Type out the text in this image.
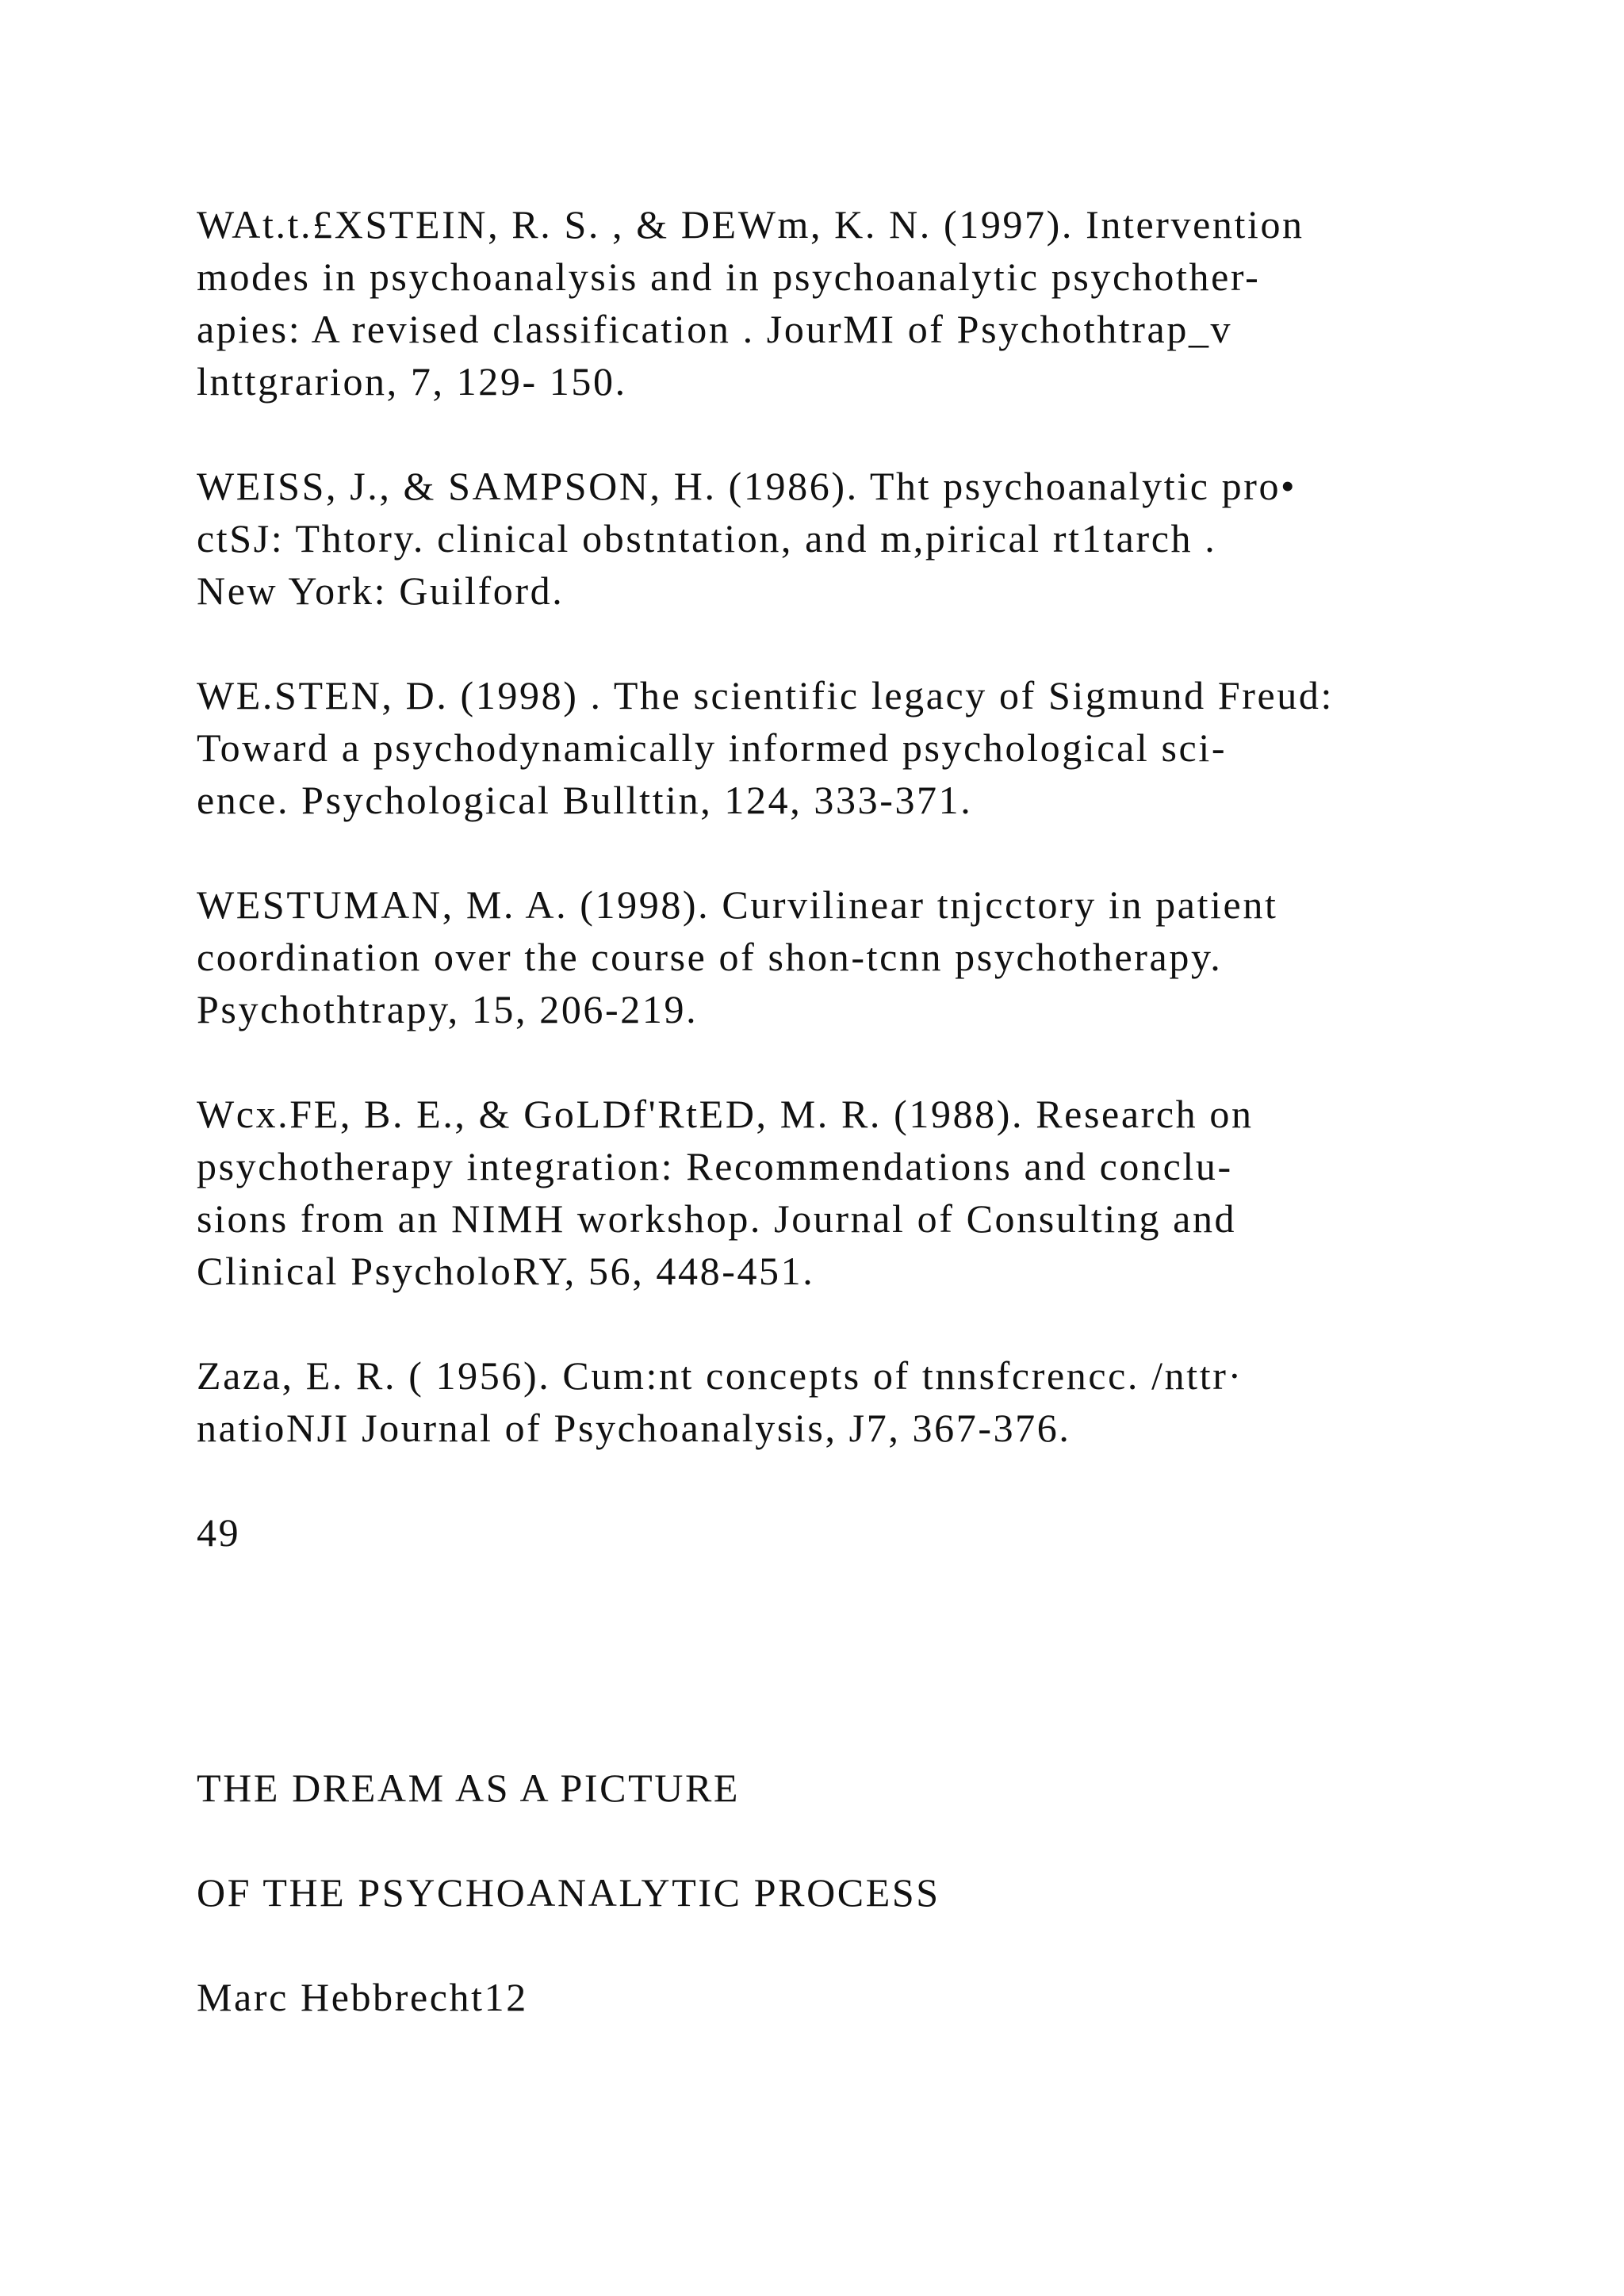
WAt.t.£XSTEIN, R. S. , & DEWm, K. N. (1997). Intervention

modes in psychoanalysis and in psychoanalytic psychother-

apies: A revised classification . JourMI of Psychothtrap_v

lnttgrarion, 7, 129- 150.

WEISS, J., & SAMPSON, H. (1986). Tht psychoanalytic pro•

ctSJ: Thtory. clinical obstntation, and m,pirical rt1tarch .

New York: Guilford.

WE.STEN, D. (1998) . The scientific legacy of Sigmund Freud:

Toward a psychodynamically informed psychological sci-

ence. Psychological Bullttin, 124, 333-371.

WESTUMAN, M. A. (1998). Curvilinear tnjcctory in patient

coordination over the course of shon-tcnn psychotherapy.

Psychothtrapy, 15, 206-219.

Wcx.FE, B. E., & GoLDf'RtED, M. R. (1988). Research on

psychotherapy integration: Recommendations and conclu-

sions from an NIMH workshop. Journal of Consulting and

Clinical PsycholoRY, 56, 448-451.

Zaza, E. R. ( 1956). Cum:nt concepts of tnnsfcrencc. /nttr·

natioNJI Journal of Psychoanalysis, J7, 367-376.

49

THE DREAM AS A PICTURE

OF THE PSYCHOANALYTIC PROCESS

Marc Hebbrecht12
